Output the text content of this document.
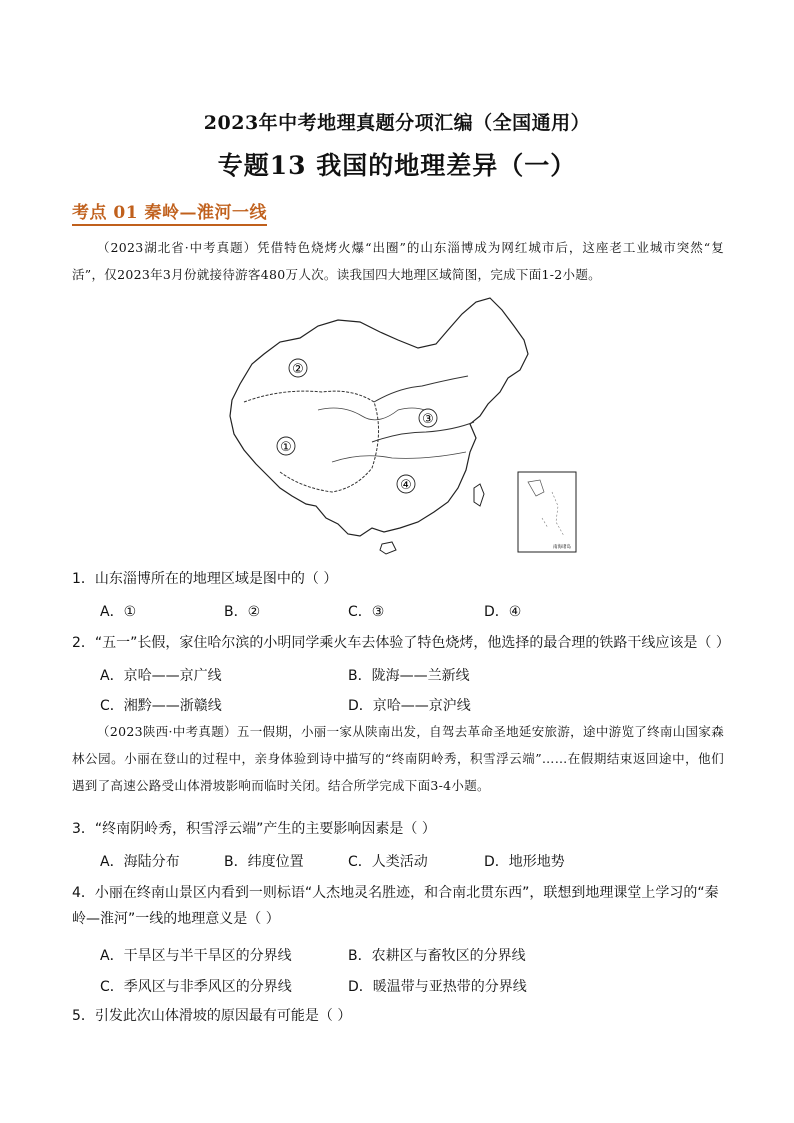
2023年中考地理真题分项汇编（全国通用）
专题13 我国的地理差异（一）
考点 01 秦岭—淮河一线
（2023湖北省·中考真题）凭借特色烧烤火爆“出圈”的山东淄博成为网红城市后，这座老工业城市突然“复活”，仅2023年3月份就接待游客480万人次。读我国四大地理区域简图，完成下面1-2小题。
②
①
③
④
南海诸岛
1．山东淄博所在的地理区域是图中的（ ）
A．①	B．②	C．③	D．④
2．“五一”长假，家住哈尔滨的小明同学乘火车去体验了特色烧烤，他选择的最合理的铁路干线应该是（ ）
A．京哈——京广线	B．陇海——兰新线
C．湘黔——浙赣线	D．京哈——京沪线
（2023陕西·中考真题）五一假期，小丽一家从陕南出发，自驾去革命圣地延安旅游，途中游览了终南山国家森林公园。小丽在登山的过程中，亲身体验到诗中描写的“终南阴岭秀，积雪浮云端”……在假期结束返回途中，他们遇到了高速公路受山体滑坡影响而临时关闭。结合所学完成下面3-4小题。
3．“终南阴岭秀，积雪浮云端”产生的主要影响因素是（ ）
A．海陆分布	B．纬度位置	C．人类活动	D．地形地势
4．小丽在终南山景区内看到一则标语“人杰地灵名胜迹，和合南北贯东西”，联想到地理课堂上学习的“秦岭—淮河”一线的地理意义是（ ）
A．干旱区与半干旱区的分界线	B．农耕区与畜牧区的分界线
C．季风区与非季风区的分界线	D．暖温带与亚热带的分界线
5．引发此次山体滑坡的原因最有可能是（ ）
